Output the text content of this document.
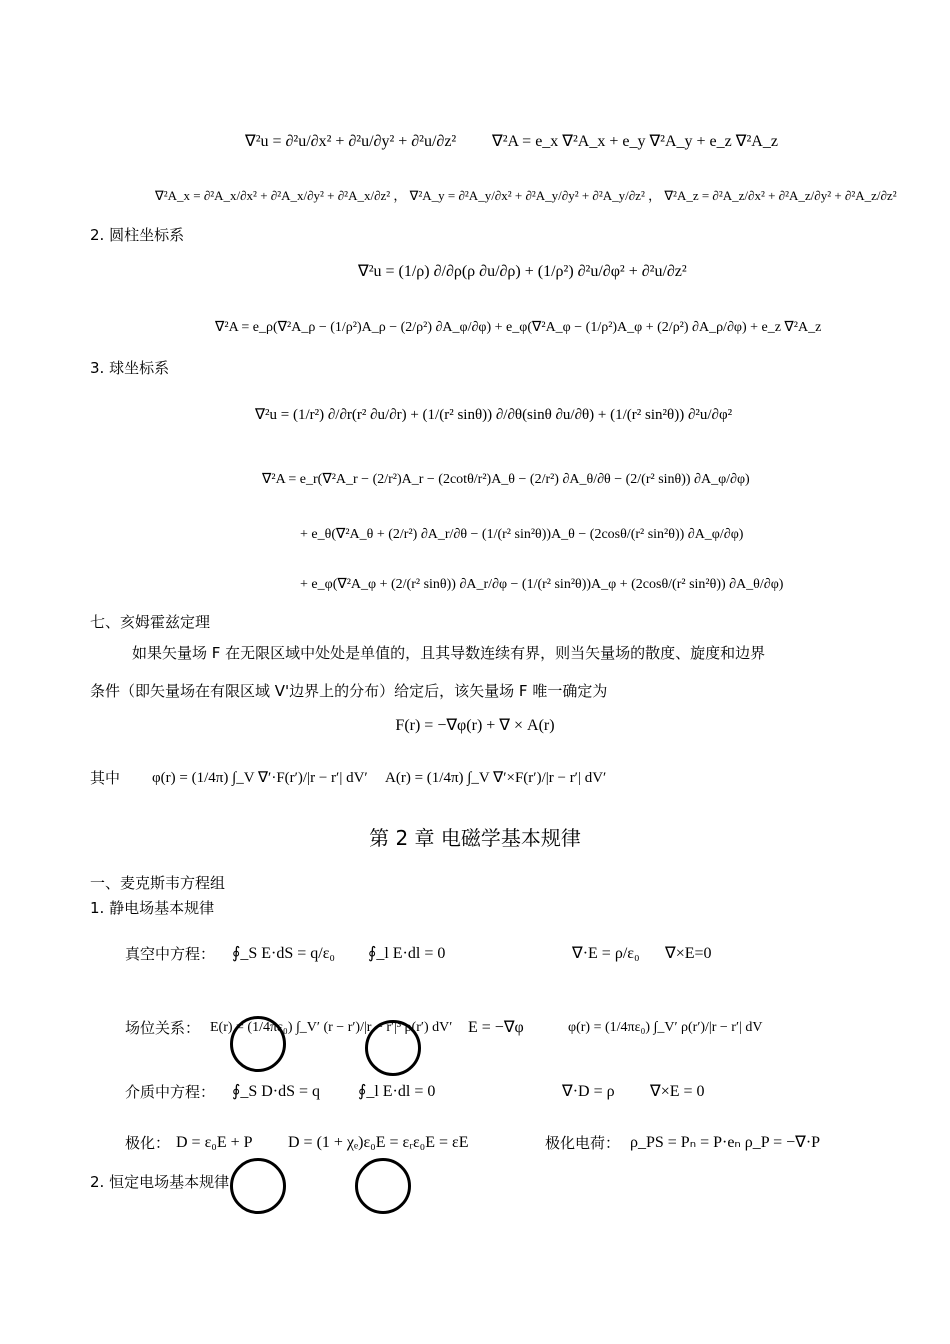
∇²u = ∂²u/∂x² + ∂²u/∂y² + ∂²u/∂z² ∇²A = e_x ∇²A_x + e_y ∇²A_y + e_z ∇²A_z
∇²A_x = ∂²A_x/∂x² + ∂²A_x/∂y² + ∂²A_x/∂z² ， ∇²A_y = ∂²A_y/∂x² + ∂²A_y/∂y² + ∂²A_y/∂z² ， ∇²A_z = ∂²A_z/∂x² + ∂²A_z/∂y² + ∂²A_z/∂z²
2. 圆柱坐标系
∇²u = (1/ρ) ∂/∂ρ(ρ ∂u/∂ρ) + (1/ρ²) ∂²u/∂φ² + ∂²u/∂z²
∇²A = e_ρ(∇²A_ρ − (1/ρ²)A_ρ − (2/ρ²) ∂A_φ/∂φ) + e_φ(∇²A_φ − (1/ρ²)A_φ + (2/ρ²) ∂A_ρ/∂φ) + e_z ∇²A_z
3. 球坐标系
∇²u = (1/r²) ∂/∂r(r² ∂u/∂r) + (1/(r² sinθ)) ∂/∂θ(sinθ ∂u/∂θ) + (1/(r² sin²θ)) ∂²u/∂φ²
∇²A = e_r(∇²A_r − (2/r²)A_r − (2cotθ/r²)A_θ − (2/r²) ∂A_θ/∂θ − (2/(r² sinθ)) ∂A_φ/∂φ)
+ e_θ(∇²A_θ + (2/r²) ∂A_r/∂θ − (1/(r² sin²θ))A_θ − (2cosθ/(r² sin²θ)) ∂A_φ/∂φ)
+ e_φ(∇²A_φ + (2/(r² sinθ)) ∂A_r/∂φ − (1/(r² sin²θ))A_φ + (2cosθ/(r² sin²θ)) ∂A_θ/∂φ)
七、亥姆霍兹定理
如果矢量场 F 在无限区域中处处是单值的，且其导数连续有界，则当矢量场的散度、旋度和边界
条件（即矢量场在有限区域 V'边界上的分布）给定后，该矢量场 F 唯一确定为
F(r) = −∇φ(r) + ∇ × A(r)
其中 φ(r) = (1/4π) ∫_V ∇′·F(r′)/|r − r′| dV′ A(r) = (1/4π) ∫_V ∇′×F(r′)/|r − r′| dV′
第 2 章 电磁学基本规律
一、麦克斯韦方程组
1. 静电场基本规律
真空中方程： ∮_S E·dS = q/ε₀ ∮_l E·dl = 0	∇·E = ρ/ε₀ ∇×E=0
场位关系： E(r) = (1/4πε₀) ∫_V′ (r − r′)/|r − r′|³ ρ(r′) dV′ E = −∇φ	φ(r) = (1/4πε₀) ∫_V′ ρ(r′)/|r − r′| dV
介质中方程： ∮_S D·dS = q ∮_l E·dl = 0	∇·D = ρ ∇×E = 0
极化： D = ε₀E + P D = (1 + χₑ)ε₀E = εᵣε₀E = εE	极化电荷： ρ_PS = Pₙ = P·eₙ ρ_P = −∇·P
2. 恒定电场基本规律
